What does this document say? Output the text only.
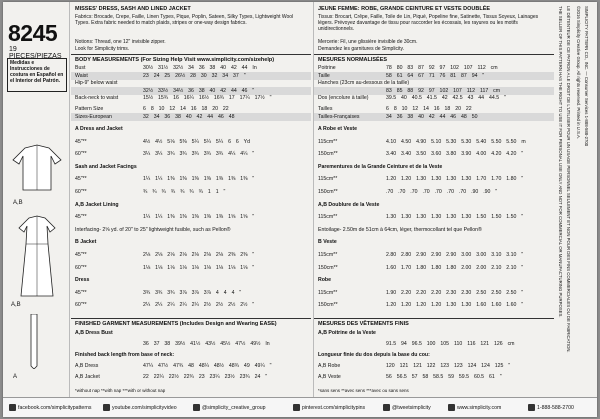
8245
19 PIECES/PIEZAS
Medidas e Instrucciones de costura en Español en el Interior del Patrón.
A,B
A,B
A
MISSES' DRESS, SASH AND LINED JACKET
Fabrics: Brocade, Crepe, Faille, Linen Types, Pique, Poplin, Sateen, Silky Types, Lightweight Wool Types. Extra fabric needed to match plaids, stripes or one-way design fabrics.
Notions: Thread, one 12" invisible zipper.
Look for Simplicity trims.
BODY MEASUREMENTS (For Sizing Help Visit www.simplicity.com/sizehelp)
Bust	30½ 31½ 32½ 34 36 38 40 42 44 In
Waist	23 24 25 26½ 28 30 32 34 37 "
Hip-9" below waist
32½ 33½ 34½ 36 38 40 42 44 46 "
Back-neck to waist	15½ 15¾ 16 16¼ 16½ 16¾ 17 17¼ 17½ "
Pattern Size	6 8 10 12 14 16 18 20 22
Sizes-European	32 34 36 38 40 42 44 46 48
A Dress and Jacket
45"**	4½ 4½ 5⅛ 5⅜ 5¼ 5¼ 5¼ 6 6 Yd
60"**	3¼ 3¼ 3¾ 3¾ 3¾ 3¾ 3¾ 4¼ 4¼ "
Sash and Jacket Facings
45"**	1¼ 1¼ 1⅜ 1⅜ 1⅜ 1⅜ 1⅜ 1⅜ 1⅜ "
60"**	¾ ¾ ¾ ¾ ¾ ¾ ¾ 1 1 "
A,B Jacket Lining
45"**	1¼ 1¼ 1⅜ 1⅜ 1⅜ 1⅜ 1⅜ 1⅝ 1⅝ "
Interfacing- 2⅝ yd. of 20" to 25" lightweight fusible, such as Pellon®
B Jacket
45"**	2⅛ 2⅛ 2⅛ 2⅛ 2⅛ 2⅛ 2⅛ 2⅜ 2⅜ "
60"**	1⅛ 1⅛ 1⅛ 1⅛ 1⅛ 1⅛ 1⅛ 1⅛ 1⅛ "
Dress
45"**	3¾ 3¾ 3¾ 3⅞ 3⅞ 3⅞ 4 4 4 "
60"**	2¼ 2¼ 2¼ 2¼ 2¼ 2½ 2½ 2½ 2½ "
FINISHED GARMENT MEASUREMENTS (Includes Design and Wearing EASE)
A,B Dress Bust
36 37 38 39½ 41½ 43½ 45½ 47½ 49½ In
Finished back length from base of neck:
A,B Dress	47¼ 47½ 47¾ 48 48¼ 48½ 48¾ 49 49¼ "
A,B Jacket	22 22¼ 22½ 22¾ 23 23¼ 23½ 23¾ 24 "
*without nap **with nap ***with or without nap
JEUNE FEMME: ROBE, GRANDE CEINTURE ET VESTE DOUBLÉE
Tissus: Brocart, Crêpe, Faille, Toile de Lin, Piqué, Popeline fine, Satinette, Tissus Soyeux, Lainages légers. Prévoyez davantage de tissu pour raccorder les écossais, les rayures ou les motifs unidirectionnels.
Mercerie: Fil, une glissière invisible de 30cm.
Demandez les garnitures de Simplicity.
MESURES NORMALISÉES
Poitrine	78 80 83 87 92 97 102 107 112 cm
Taille	58 61 64 67 71 76 81 87 94 "
Hanches (23cm au-dessous de la taille)
83 85 88 92 97 102 107 112 117 cm
Dos (encolure à taille)	39.5 40 40.5 41.5 42 42.5 43 44 44.5 "
Tailles	6 8 10 12 14 16 18 20 22
Tailles-Françaises	34 36 38 40 42 44 46 48 50
A Robe et Veste
115cm**	4.10 4.50 4.90 5.10 5.30 5.30 5.40 5.50 5.50 m
150cm**	3.40 3.40 3.50 3.60 3.80 3.90 4.00 4.20 4.20 "
Parementures de la Grande Ceinture et de la Veste
115cm**	1.20 1.20 1.30 1.30 1.30 1.30 1.70 1.70 1.80 "
150cm**	.70 .70 .70 .70 .70 .70 .70 .90 .90 "
A,B Doublure de la Veste
115cm**	1.30 1.30 1.30 1.30 1.30 1.30 1.50 1.50 1.50 "
Entoilage- 2.50m de 51cm à 64cm, léger, thermocollant tel que Pellon®
B Veste
115cm**	2.80 2.80 2.90 2.90 2.90 3.00 3.00 3.10 3.10 "
150cm**	1.60 1.70 1.80 1.80 1.80 2.00 2.00 2.10 2.10 "
Robe
115cm**	1.90 2.20 2.20 2.20 2.30 2.30 2.50 2.50 2.50 "
150cm**	1.20 1.20 1.20 1.20 1.30 1.30 1.60 1.60 1.60 "
MESURES DES VÊTEMENTS FINIS
A,B Poitrine de la Veste
91.5 94 96.5 100 105 110 116 121 126 cm
Longueur finie du dos depuis la base du cou:
A,B Robe	120 121 121 122 123 123 124 124 125 "
A,B Veste	56 56.5 57 58 58.5 59 59.5 60.5 61 "
*sans sens **avec sens ***avec ou sans sens
THE SELLER OF THIS PATTERN HAS THE RIGHT TO USE IT FOR PERSONAL USE ONLY AND NOT FOR COMMERCIAL OR MANUFACTURING PURPOSES. LE DÉTENTEUR DE CE PATRON A LE DROIT DE L'UTILISER POUR UN USAGE PERSONNEL SEULEMENT ET NON POUR DES FINS COMMERCIALES OU DE FABRICATION. ©2016 Simplicity Creative Group. All rights reserved. Printed in U.S.A. SIMPLICITY PATTERN CO., INC. — Consumer Services 1-888-588-2700
facebook.com/simplicitypatterns	youtube.com/simplicityvideo	@simplicity_creative_group	pinterest.com/simplicitypins	@tweetsimplicity	www.simplicity.com	1-888-588-2700
